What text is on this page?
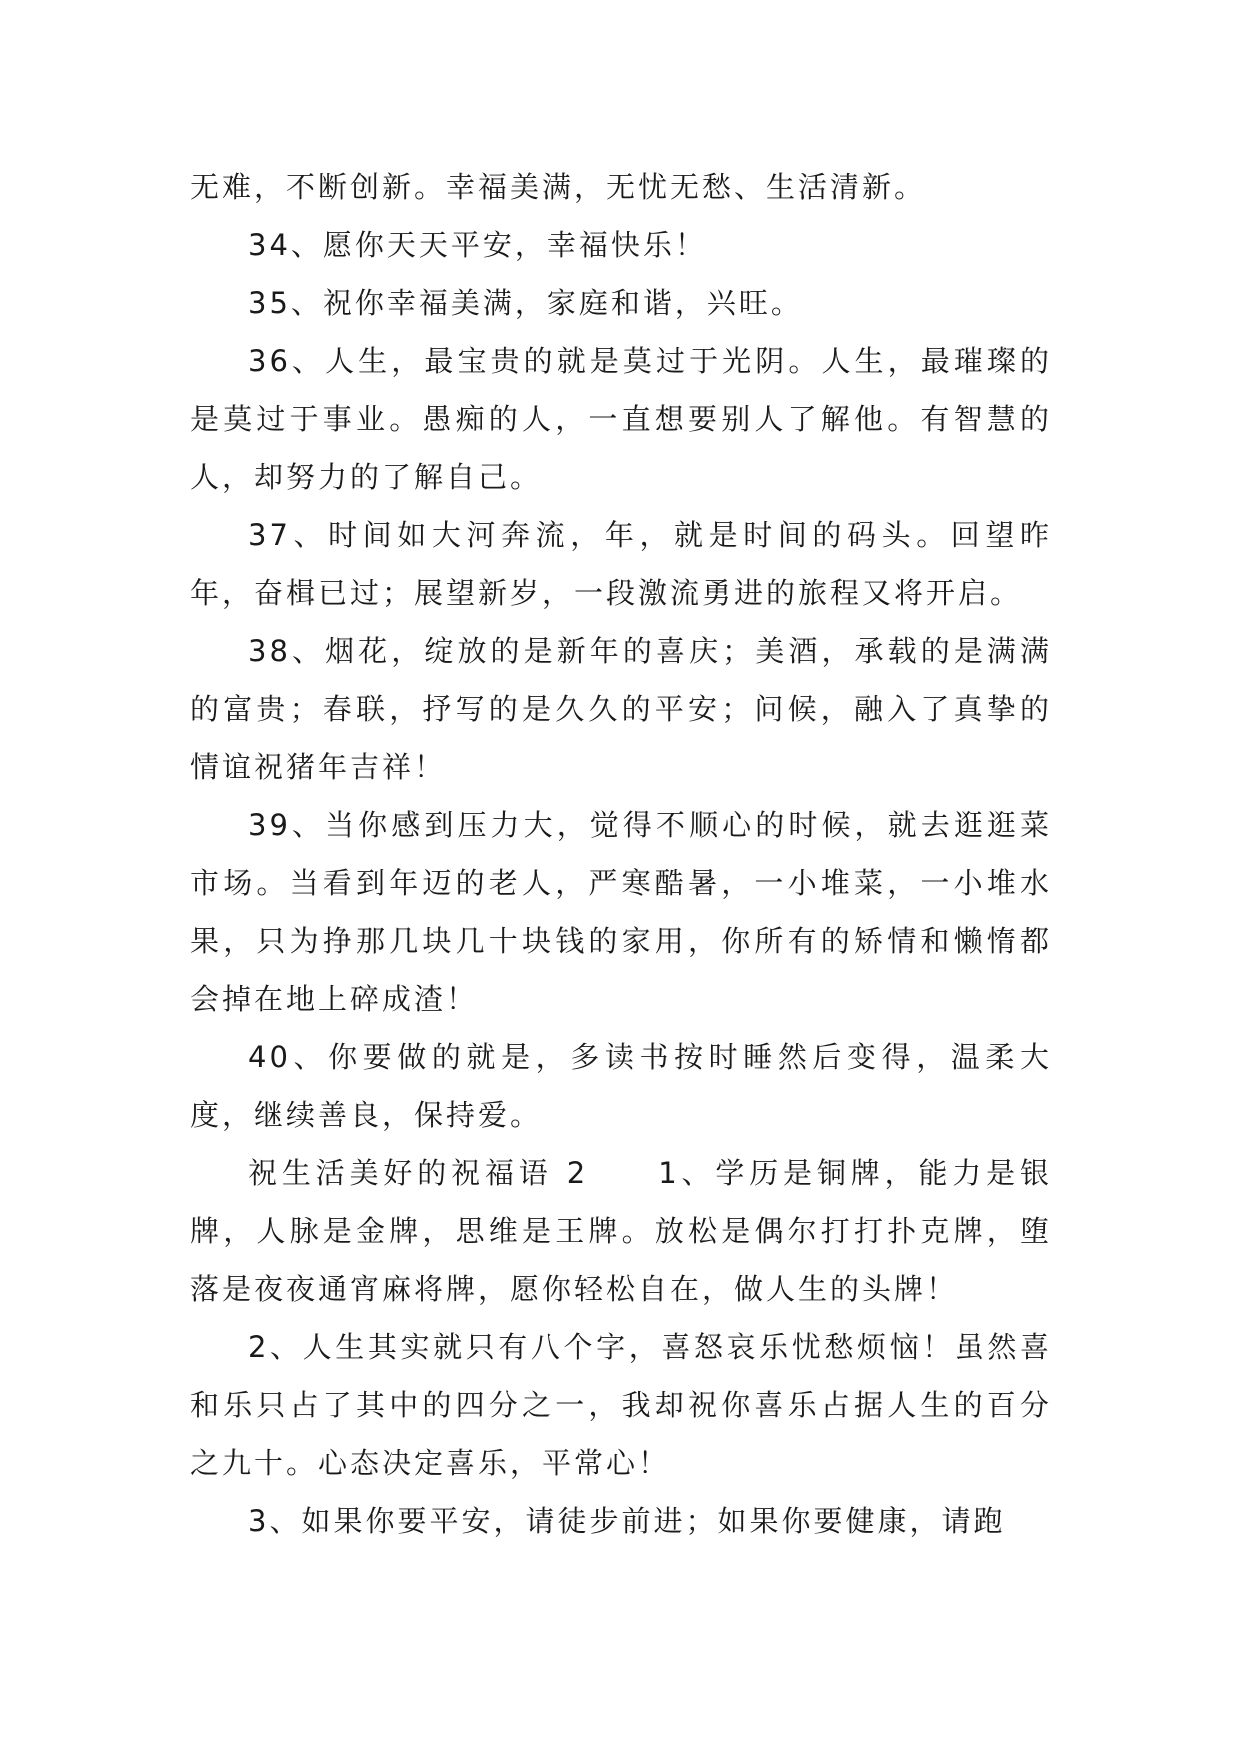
无难，不断创新。幸福美满，无忧无愁、生活清新。

34、愿你天天平安，幸福快乐！

35、祝你幸福美满，家庭和谐，兴旺。

36、人生，最宝贵的就是莫过于光阴。人生，最璀璨的是莫过于事业。愚痴的人，一直想要别人了解他。有智慧的人，却努力的了解自己。

37、时间如大河奔流，年，就是时间的码头。回望昨年，奋楫已过；展望新岁，一段激流勇进的旅程又将开启。

38、烟花，绽放的是新年的喜庆；美酒，承载的是满满的富贵；春联，抒写的是久久的平安；问候，融入了真挚的情谊祝猪年吉祥！

39、当你感到压力大，觉得不顺心的时候，就去逛逛菜市场。当看到年迈的老人，严寒酷暑，一小堆菜，一小堆水果，只为挣那几块几十块钱的家用，你所有的矫情和懒惰都会掉在地上碎成渣！

40、你要做的就是，多读书按时睡然后变得，温柔大度，继续善良，保持爱。

祝生活美好的祝福语 2 1、学历是铜牌，能力是银牌，人脉是金牌，思维是王牌。放松是偶尔打打扑克牌，堕落是夜夜通宵麻将牌，愿你轻松自在，做人生的头牌！

2、人生其实就只有八个字，喜怒哀乐忧愁烦恼！虽然喜和乐只占了其中的四分之一，我却祝你喜乐占据人生的百分之九十。心态决定喜乐，平常心！

3、如果你要平安，请徒步前进；如果你要健康，请跑
